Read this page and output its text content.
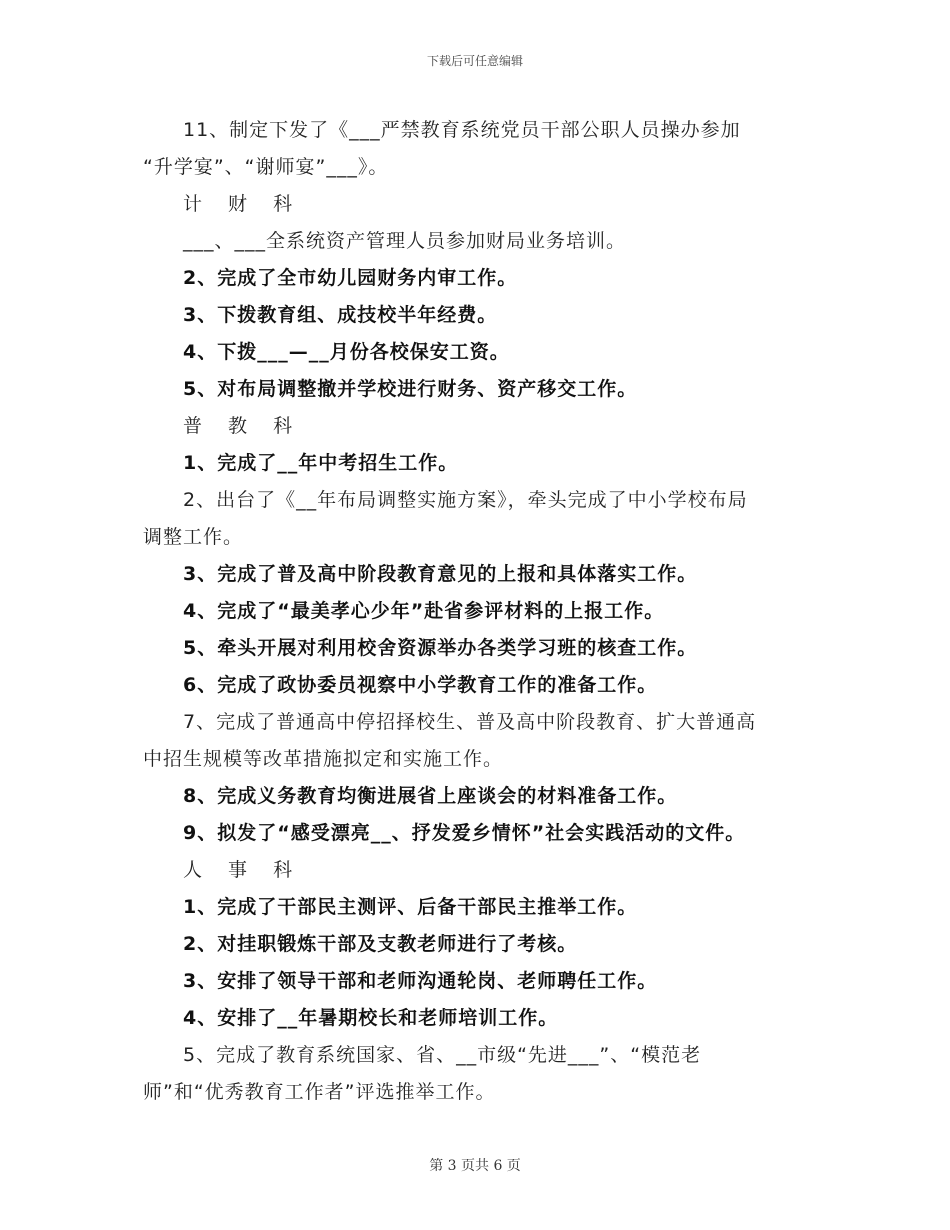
下载后可任意编辑
11、制定下发了《___严禁教育系统党员干部公职人员操办参加
“升学宴”、“谢师宴”___》。
计 财 科
___、___全系统资产管理人员参加财局业务培训。
2、完成了全市幼儿园财务内审工作。
3、下拨教育组、成技校半年经费。
4、下拨___—__月份各校保安工资。
5、对布局调整撤并学校进行财务、资产移交工作。
普 教 科
1、完成了__年中考招生工作。
2、出台了《__年布局调整实施方案》，牵头完成了中小学校布局
调整工作。
3、完成了普及高中阶段教育意见的上报和具体落实工作。
4、完成了“最美孝心少年”赴省参评材料的上报工作。
5、牵头开展对利用校舍资源举办各类学习班的核查工作。
6、完成了政协委员视察中小学教育工作的准备工作。
7、完成了普通高中停招择校生、普及高中阶段教育、扩大普通高
中招生规模等改革措施拟定和实施工作。
8、完成义务教育均衡进展省上座谈会的材料准备工作。
9、拟发了“感受漂亮__、抒发爱乡情怀”社会实践活动的文件。
人 事 科
1、完成了干部民主测评、后备干部民主推举工作。
2、对挂职锻炼干部及支教老师进行了考核。
3、安排了领导干部和老师沟通轮岗、老师聘任工作。
4、安排了__年暑期校长和老师培训工作。
5、完成了教育系统国家、省、__市级“先进___”、“模范老
师”和“优秀教育工作者”评选推举工作。
第 3 页共 6 页
